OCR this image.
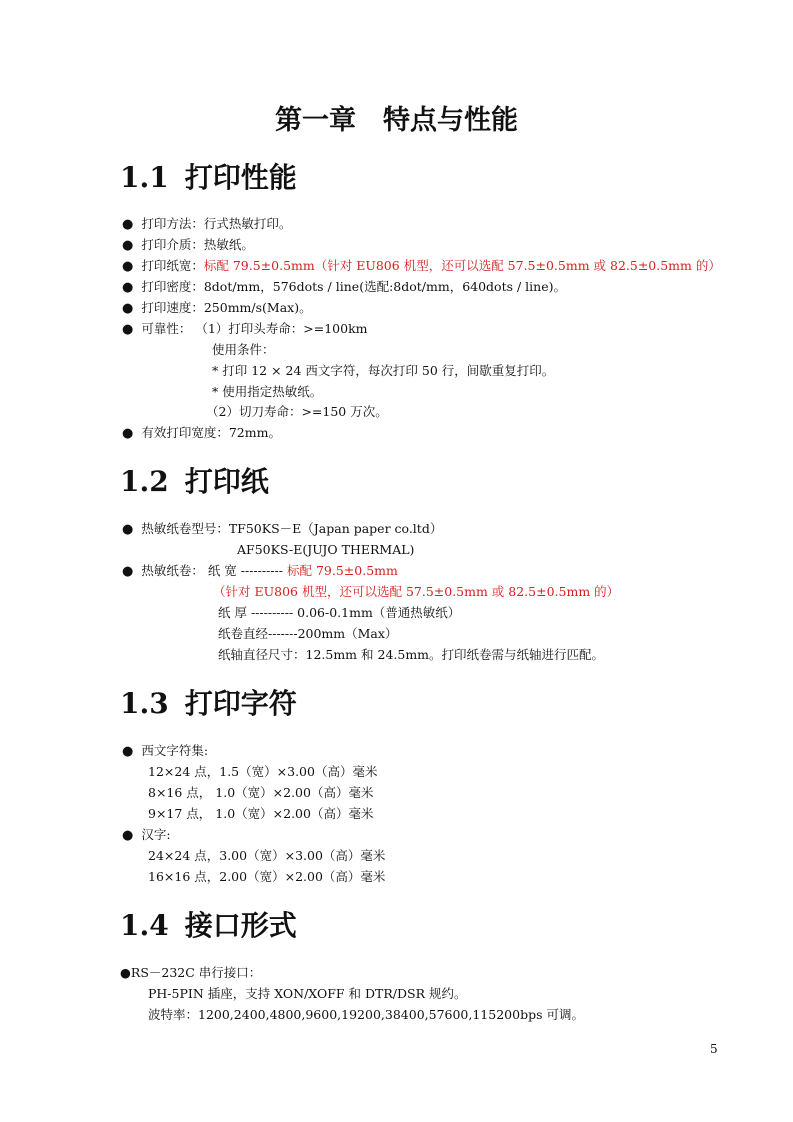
第一章　特点与性能
1.1 打印性能

● 打印方法：行式热敏打印。

● 打印介质：热敏纸。

● 打印纸宽：标配 79.5±0.5mm（针对 EU806 机型，还可以选配 57.5±0.5mm 或 82.5±0.5mm 的）

● 打印密度：8dot/mm，576dots / line(选配:8dot/mm，640dots / line)。

● 打印速度：250mm/s(Max)。

● 可靠性： （1）打印头寿命：>=100km

使用条件：

* 打印 12 × 24 西文字符，每次打印 50 行，间歇重复打印。

* 使用指定热敏纸。

（2）切刀寿命：>=150 万次。

● 有效打印宽度：72mm。

1.2 打印纸

● 热敏纸卷型号：TF50KS－E（Japan paper co.ltd）

AF50KS-E(JUJO THERMAL)

● 热敏纸卷： 纸 宽 ---------- 标配 79.5±0.5mm

（针对 EU806 机型，还可以选配 57.5±0.5mm 或 82.5±0.5mm 的）

纸 厚 ---------- 0.06-0.1mm（普通热敏纸）

纸卷直经-------200mm（Max）

纸轴直径尺寸：12.5mm 和 24.5mm。打印纸卷需与纸轴进行匹配。

1.3 打印字符

● 西文字符集:

12×24 点，1.5（宽）×3.00（高）毫米

8×16 点， 1.0（宽）×2.00（高）毫米

9×17 点， 1.0（宽）×2.00（高）毫米

● 汉字:

24×24 点，3.00（宽）×3.00（高）毫米

16×16 点，2.00（宽）×2.00（高）毫米

1.4 接口形式

●RS－232C 串行接口：

PH-5PIN 插座，支持 XON/XOFF 和 DTR/DSR 规约。

波特率：1200,2400,4800,9600,19200,38400,57600,115200bps 可调。

5
